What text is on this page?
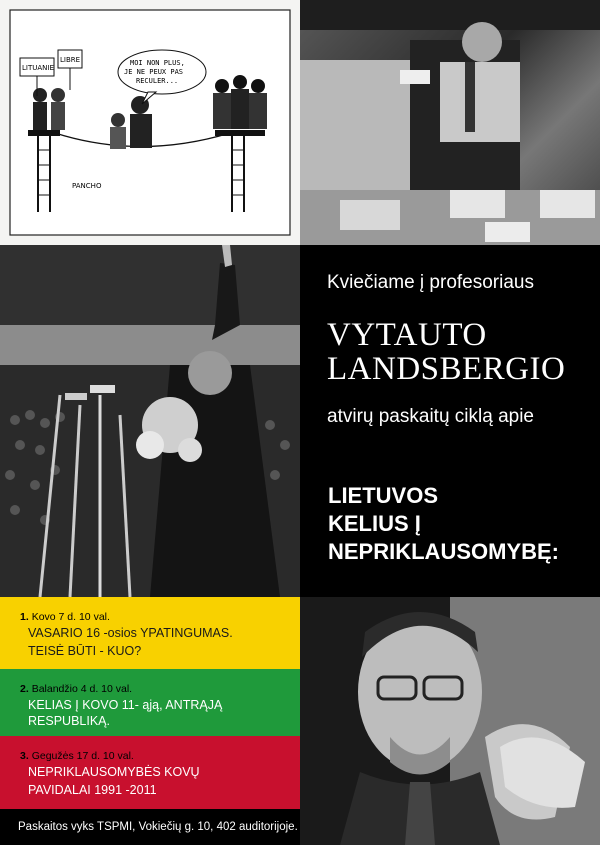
LITUANIE
LIBRE	MOI NON PLUS,
JE NE PEUX PAS
RECULER...
PANCHO
Kviečiame į profesoriaus
VYTAUTO
LANDSBERGIO
atvirų paskaitų ciklą apie
LIETUVOS
KELIUS Į
NEPRIKLAUSOMYBĘ:
1. Kovo 7 d. 10 val.
VASARIO 16 -osios YPATINGUMAS.
TEISĖ BŪTI - KUO?
2. Balandžio 4 d. 10 val.
KELIAS Į KOVO 11- ąją, ANTRĄJĄ RESPUBLIKĄ.
3. Gegužės 17 d. 10 val.
NEPRIKLAUSOMYBĖS KOVŲ
PAVIDALAI 1991 -2011
Paskaitos vyks TSPMI, Vokiečių g. 10, 402 auditorijoje.
